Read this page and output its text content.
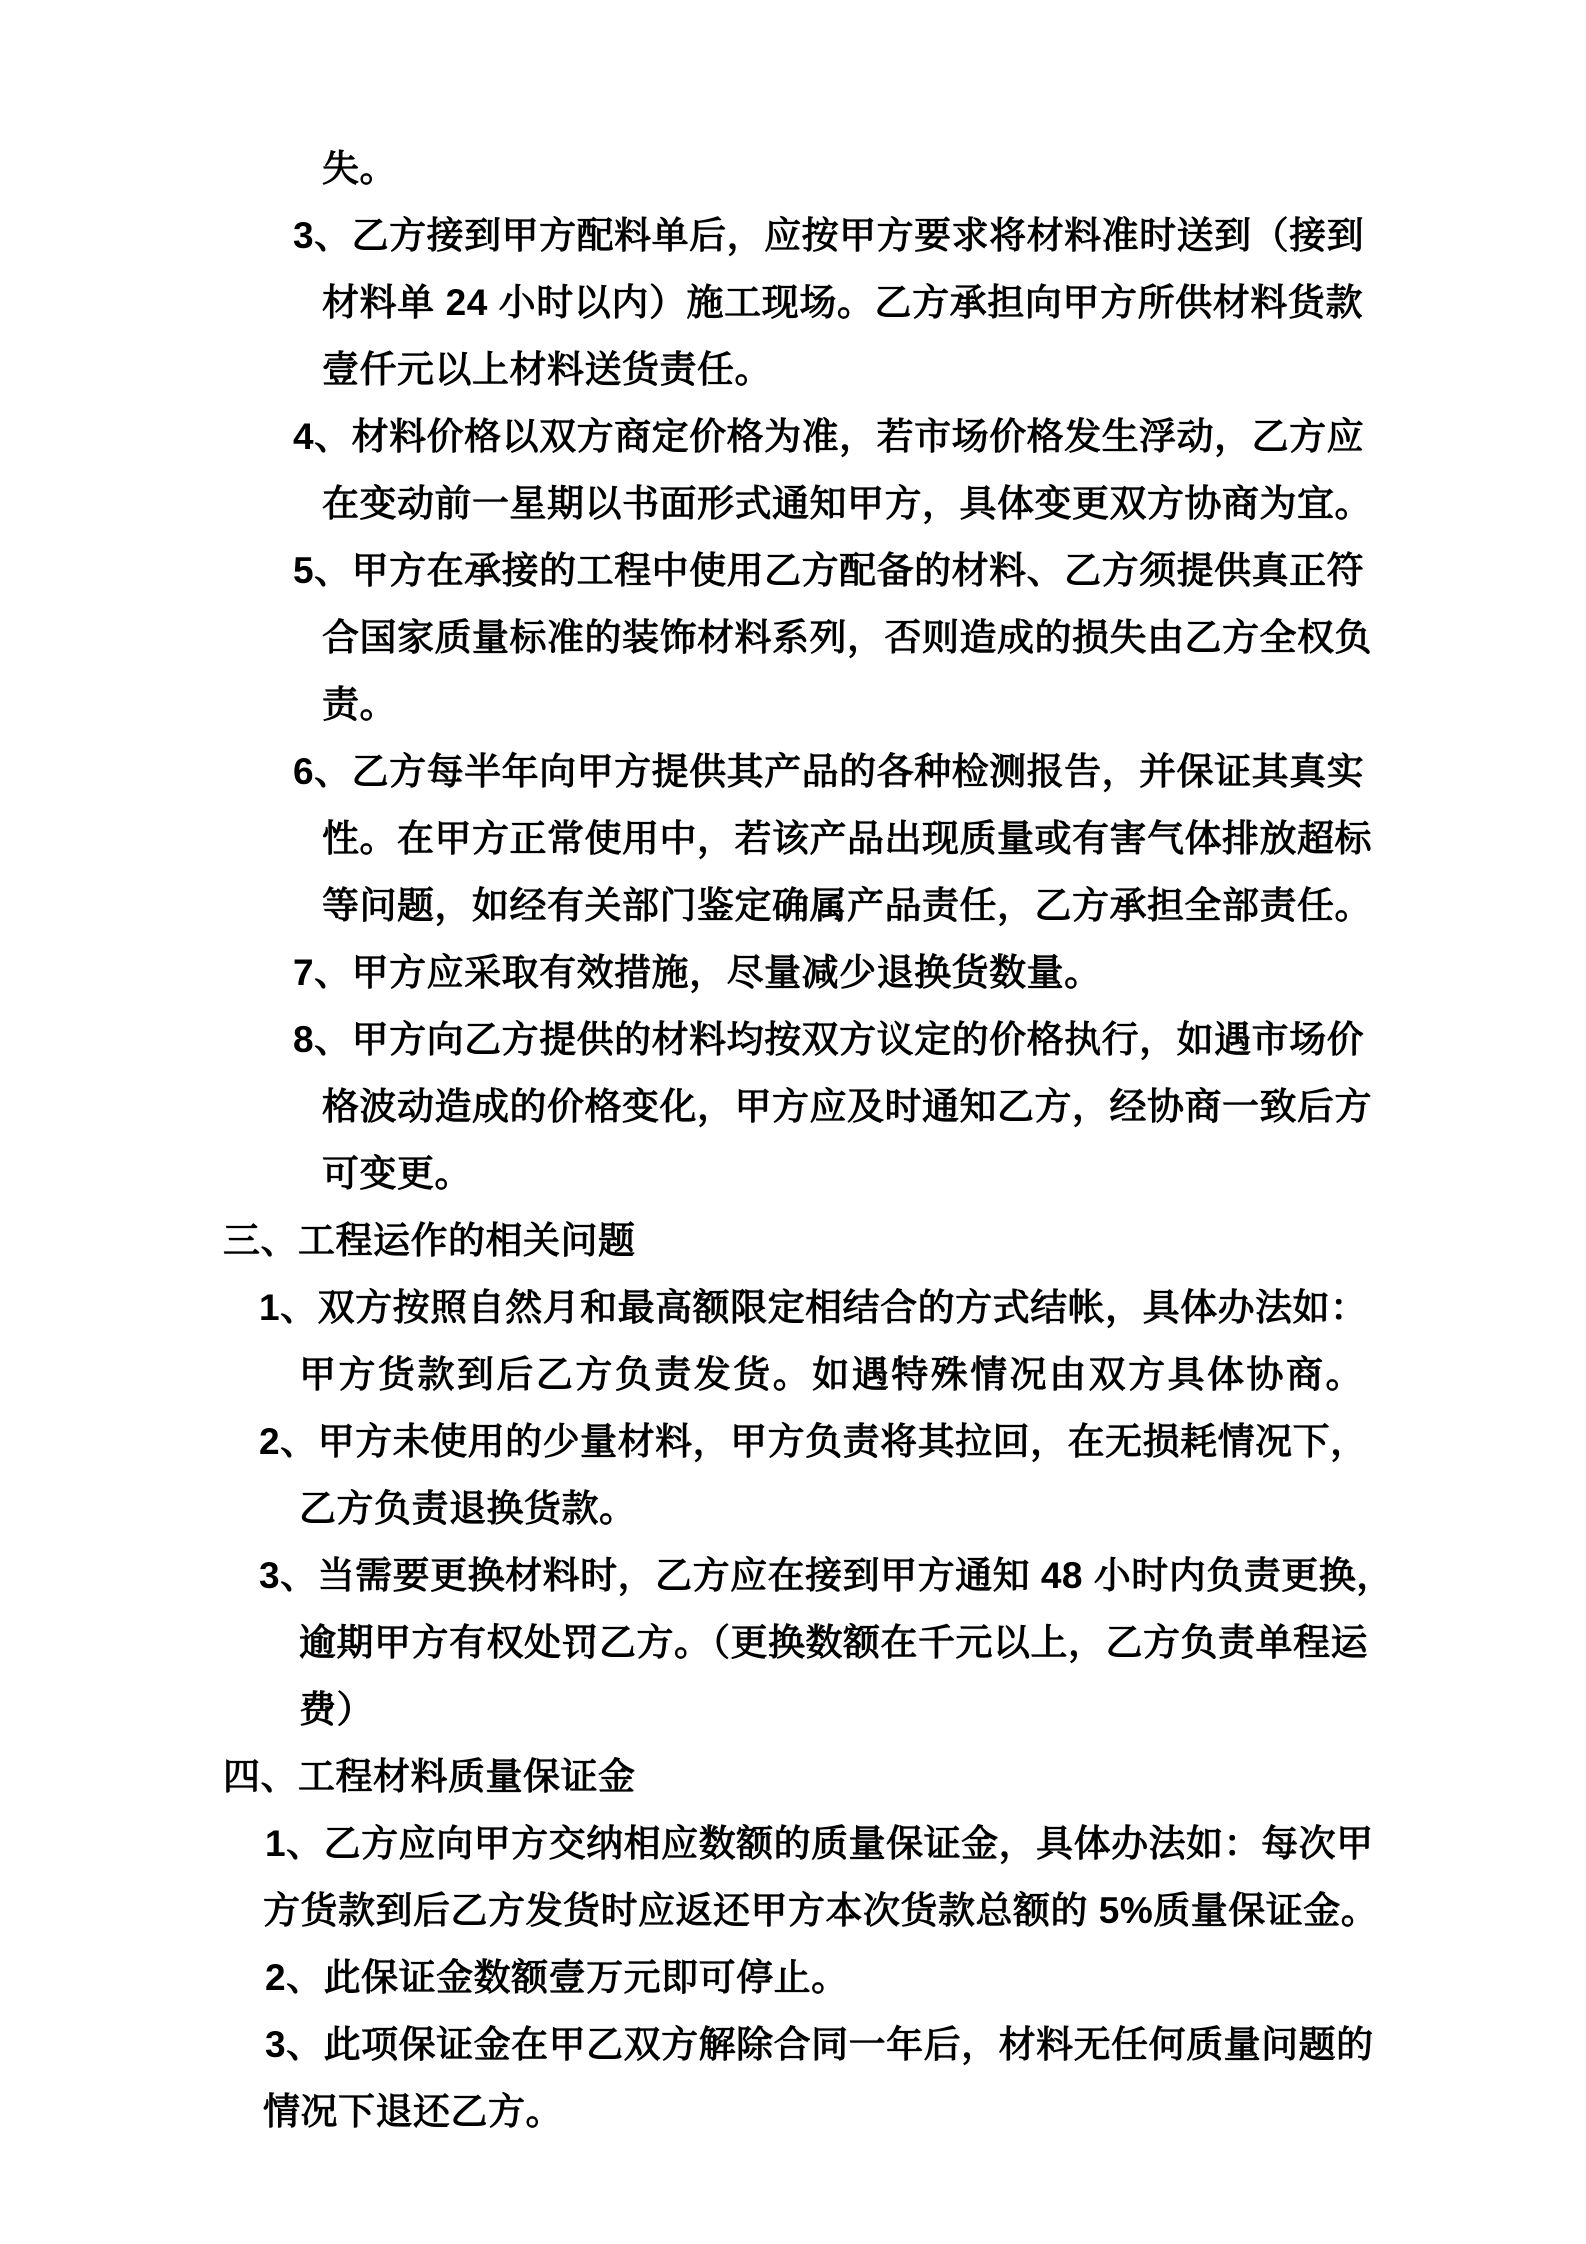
失。
3、乙方接到甲方配料单后，应按甲方要求将材料准时送到（接到
材料单 24 小时以内）施工现场。乙方承担向甲方所供材料货款
壹仟元以上材料送货责任。
4、材料价格以双方商定价格为准，若市场价格发生浮动，乙方应
在变动前一星期以书面形式通知甲方，具体变更双方协商为宜。
5、甲方在承接的工程中使用乙方配备的材料、乙方须提供真正符
合国家质量标准的装饰材料系列，否则造成的损失由乙方全权负
责。
6、乙方每半年向甲方提供其产品的各种检测报告，并保证其真实
性。在甲方正常使用中，若该产品出现质量或有害气体排放超标
等问题，如经有关部门鉴定确属产品责任，乙方承担全部责任。
7、甲方应采取有效措施，尽量减少退换货数量。
8、甲方向乙方提供的材料均按双方议定的价格执行，如遇市场价
格波动造成的价格变化，甲方应及时通知乙方，经协商一致后方
可变更。
三、工程运作的相关问题
1、双方按照自然月和最高额限定相结合的方式结帐，具体办法如：
甲方货款到后乙方负责发货。如遇特殊情况由双方具体协商。
2、甲方未使用的少量材料，甲方负责将其拉回，在无损耗情况下，
乙方负责退换货款。
3、当需要更换材料时，乙方应在接到甲方通知 48 小时内负责更换，
逾期甲方有权处罚乙方。（更换数额在千元以上，乙方负责单程运
费）
四、工程材料质量保证金
1、乙方应向甲方交纳相应数额的质量保证金，具体办法如：每次甲
方货款到后乙方发货时应返还甲方本次货款总额的 5%质量保证金。
2、此保证金数额壹万元即可停止。
3、此项保证金在甲乙双方解除合同一年后，材料无任何质量问题的
情况下退还乙方。
